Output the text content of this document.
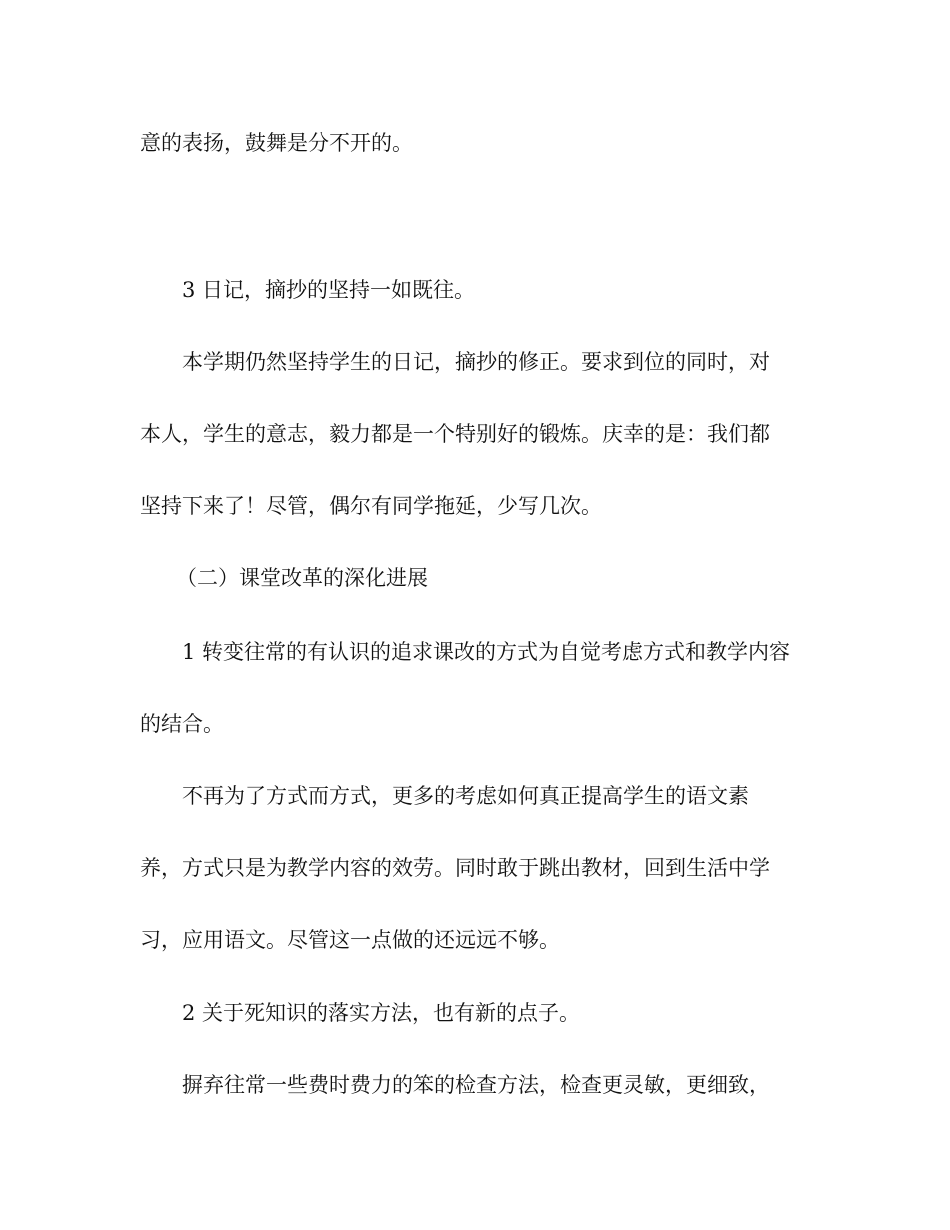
意的表扬，鼓舞是分不开的。

3 日记，摘抄的坚持一如既往。

本学期仍然坚持学生的日记，摘抄的修正。要求到位的同时，对

本人，学生的意志，毅力都是一个特别好的锻炼。庆幸的是：我们都

坚持下来了！尽管，偶尔有同学拖延，少写几次。

（二）课堂改革的深化进展

1 转变往常的有认识的追求课改的方式为自觉考虑方式和教学内容

的结合。

不再为了方式而方式，更多的考虑如何真正提高学生的语文素

养，方式只是为教学内容的效劳。同时敢于跳出教材，回到生活中学

习，应用语文。尽管这一点做的还远远不够。

2 关于死知识的落实方法，也有新的点子。

摒弃往常一些费时费力的笨的检查方法，检查更灵敏，更细致，
